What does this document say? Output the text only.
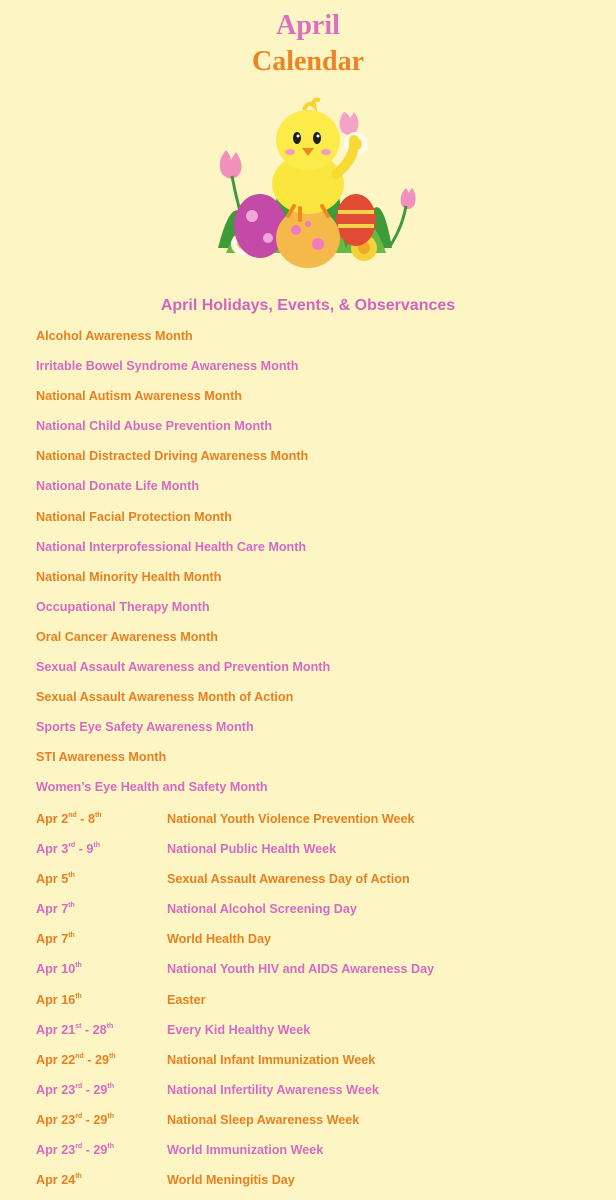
April
Calendar
April Holidays, Events, & Observances
Alcohol Awareness Month
Irritable Bowel Syndrome Awareness Month
National Autism Awareness Month
National Child Abuse Prevention Month
National Distracted Driving Awareness Month
National Donate Life Month
National Facial Protection Month
National Interprofessional Health Care Month
National Minority Health Month
Occupational Therapy Month
Oral Cancer Awareness Month
Sexual Assault Awareness and Prevention Month
Sexual Assault Awareness Month of Action
Sports Eye Safety Awareness Month
STI Awareness Month
Women’s Eye Health and Safety Month
Apr 2nd - 8th	National Youth Violence Prevention Week
Apr 3rd - 9th	National Public Health Week
Apr 5th	Sexual Assault Awareness Day of Action
Apr 7th	National Alcohol Screening Day
Apr 7th	World Health Day
Apr 10th	National Youth HIV and AIDS Awareness Day
Apr 16th	Easter
Apr 21st - 28th	Every Kid Healthy Week
Apr 22nd - 29th	National Infant Immunization Week
Apr 23rd - 29th	National Infertility Awareness Week
Apr 23rd - 29th	National Sleep Awareness Week
Apr 23rd - 29th	World Immunization Week
Apr 24th	World Meningitis Day
